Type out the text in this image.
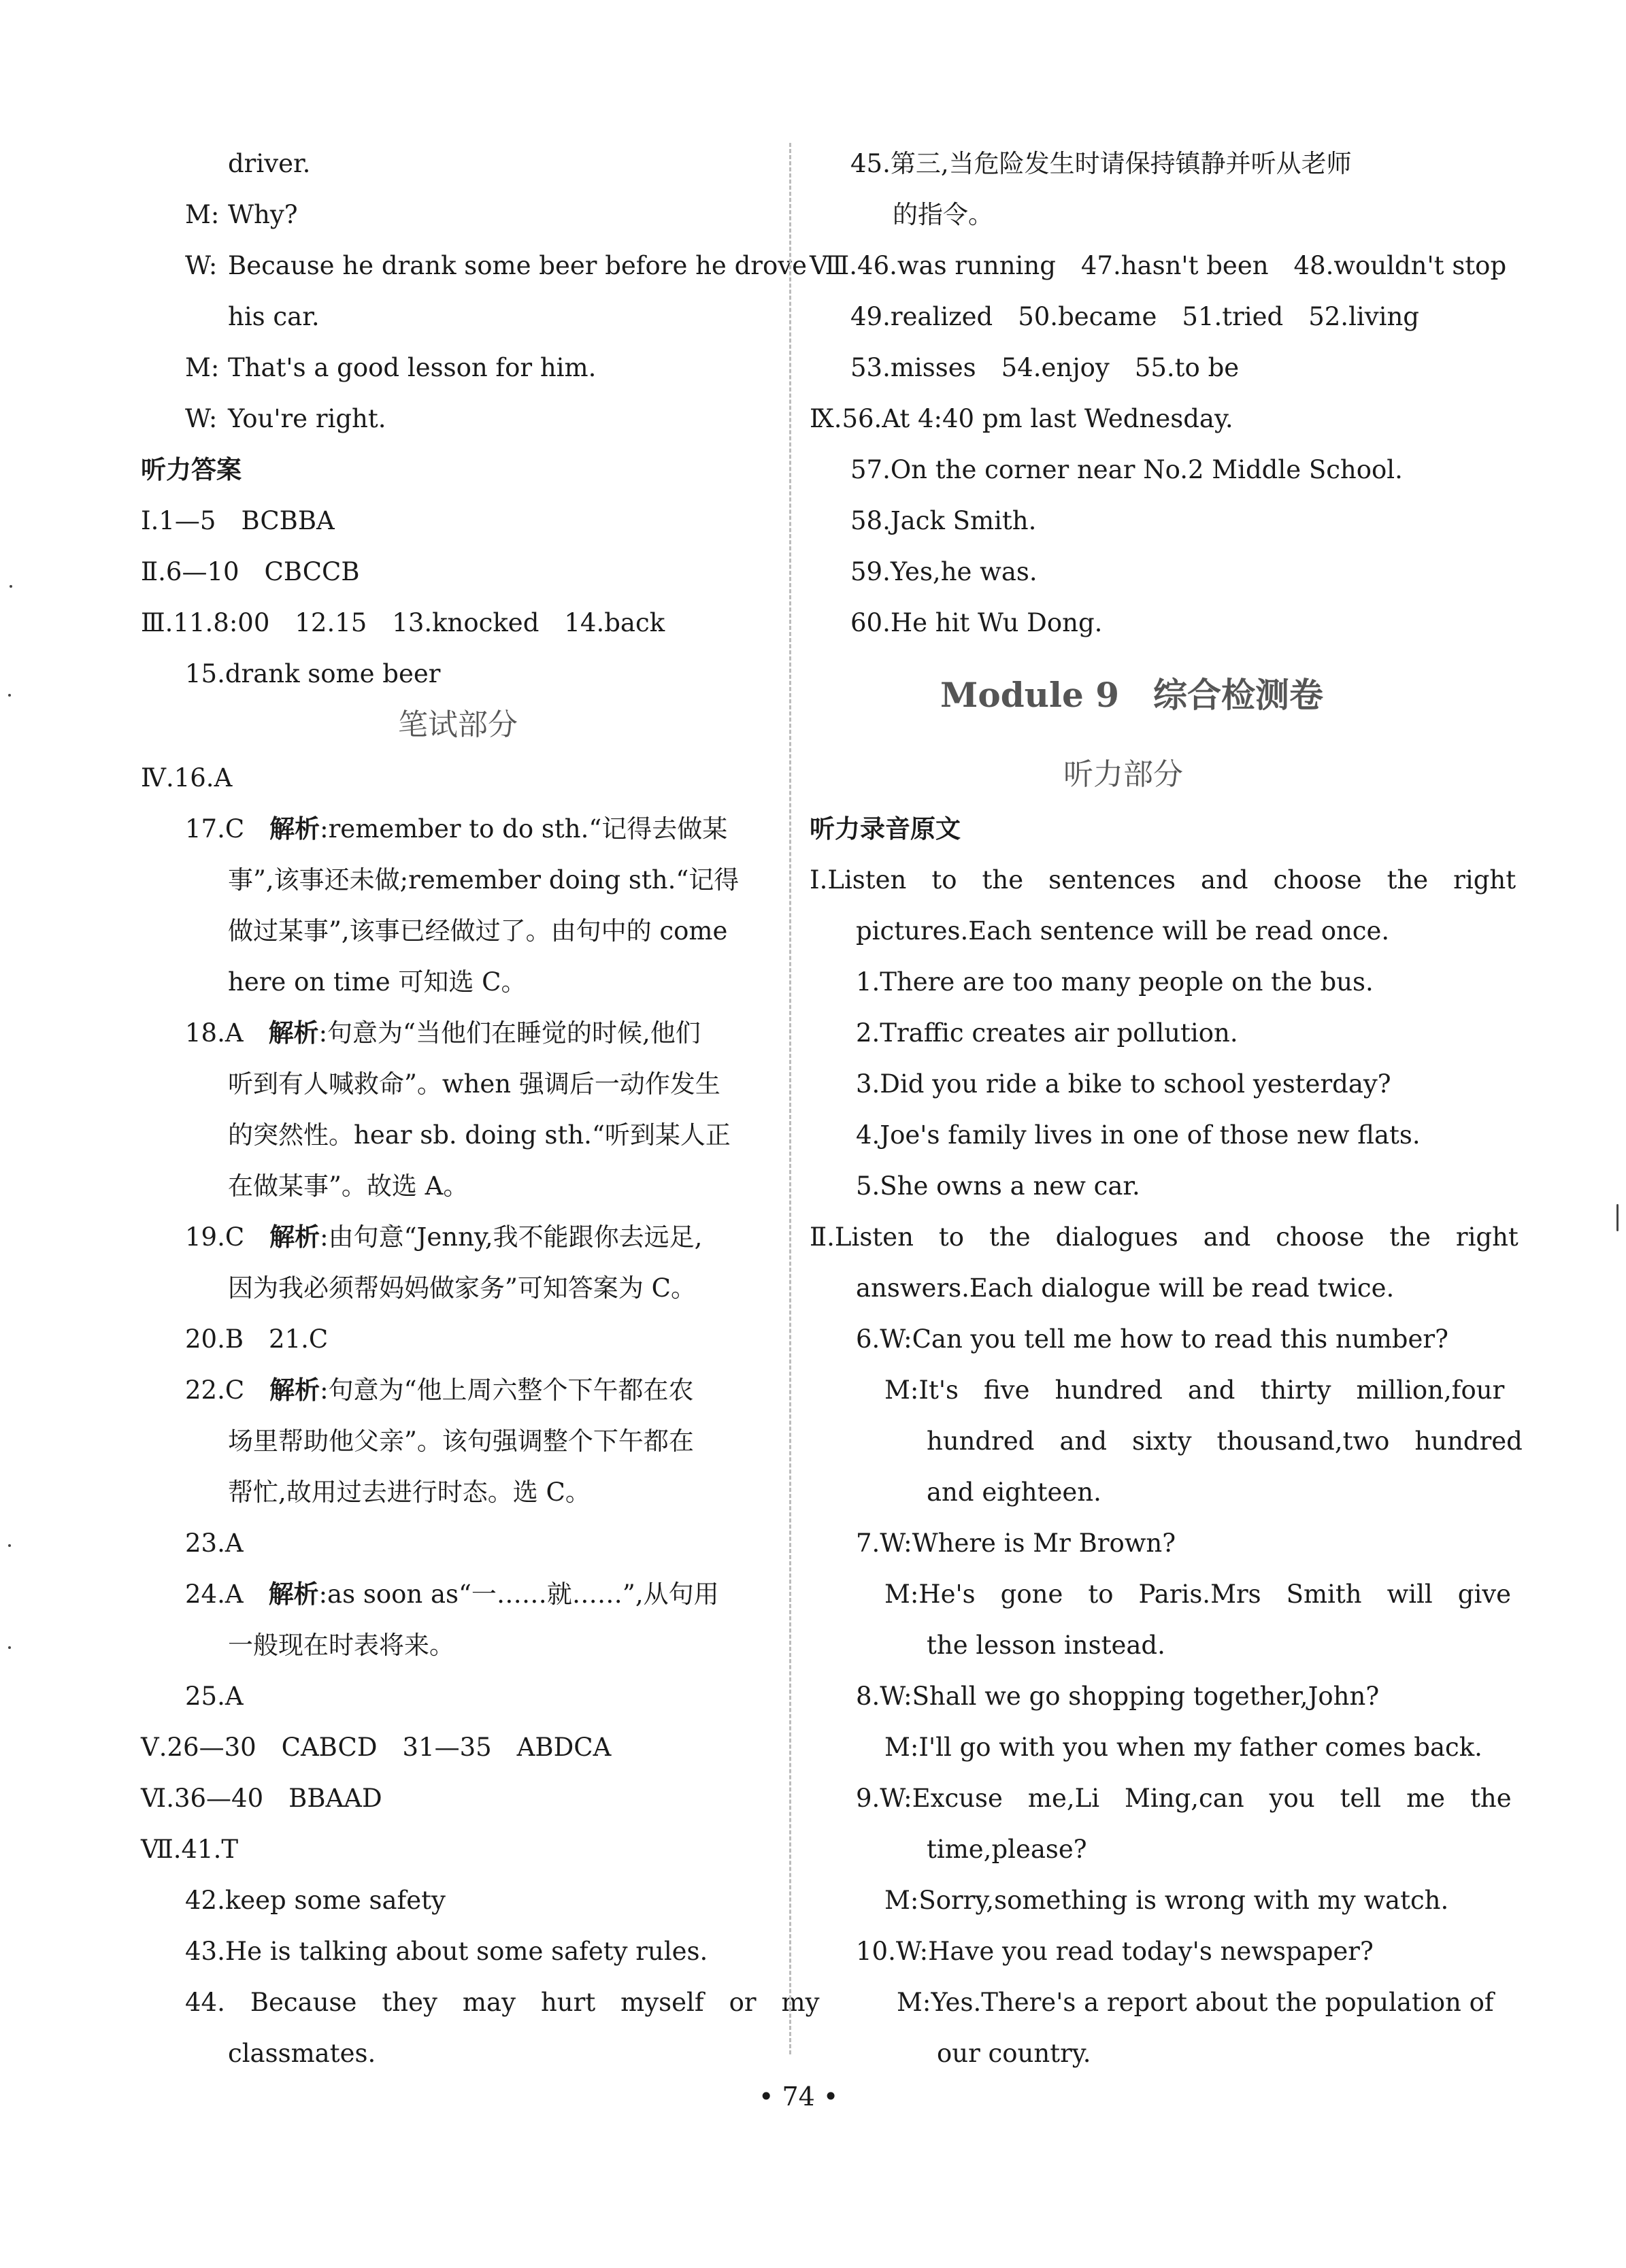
driver.
M: Why?
W: Because he drank some beer before he drove
his car.
M: That's a good lesson for him.
W: You're right.
听力答案
Ⅰ.1—5　BCBBA
Ⅱ.6—10　CBCCB
Ⅲ.11.8:00　12.15　13.knocked　14.back
15.drank some beer
笔试部分
Ⅳ.16.A
17.C　 解析:remember to do sth.“记得去做某
事”,该事还未做;remember doing sth.“记得
做过某事”,该事已经做过了。由句中的 come
here on time 可知选 C。
18.A　 解析:句意为“当他们在睡觉的时候,他们
听到有人喊救命”。when 强调后一动作发生
的突然性。hear sb. doing sth.“听到某人正
在做某事”。故选 A。
19.C　 解析:由句意“Jenny,我不能跟你去远足,
因为我必须帮妈妈做家务”可知答案为 C。
20.B　21.C
22.C　 解析:句意为“他上周六整个下午都在农
场里帮助他父亲”。该句强调整个下午都在
帮忙,故用过去进行时态。选 C。
23.A
24.A　 解析:as soon as“一……就……”,从句用
一般现在时表将来。
25.A
Ⅴ.26—30　CABCD　31—35　ABDCA
Ⅵ.36—40　BBAAD
Ⅶ.41.T
42.keep some safety
43.He is talking about some safety rules.
44.　Because　they　may　hurt　myself　or　my
classmates.
45.第三,当危险发生时请保持镇静并听从老师
的指令。
Ⅷ.46.was running　47.hasn't been　48.wouldn't stop
49.realized　50.became　51.tried　52.living
53.misses　54.enjoy　55.to be
Ⅸ.56.At 4:40 pm last Wednesday.
57.On the corner near No.2 Middle School.
58.Jack Smith.
59.Yes,he was.
60.He hit Wu Dong.
Module 9　综合检测卷
听力部分
听力录音原文
Ⅰ.Listen　to　the　sentences　and　choose　the　right
pictures.Each sentence will be read once.
1.There are too many people on the bus.
2.Traffic creates air pollution.
3.Did you ride a bike to school yesterday?
4.Joe's family lives in one of those new flats.
5.She owns a new car.
Ⅱ.Listen　to　the　dialogues　and　choose　the　right
answers.Each dialogue will be read twice.
6.W:Can you tell me how to read this number?
M:It's　five　hundred　and　thirty　million,four
hundred　and　sixty　thousand,two　hundred
and eighteen.
7.W:Where is Mr Brown?
M:He's　gone　to　Paris.Mrs　Smith　will　give
the lesson instead.
8.W:Shall we go shopping together,John?
M:I'll go with you when my father comes back.
9.W:Excuse　me,Li　Ming,can　you　tell　me　the
time,please?
M:Sorry,something is wrong with my watch.
10.W:Have you read today's newspaper?
M:Yes.There's a report about the population of
our country.
• 74 •
